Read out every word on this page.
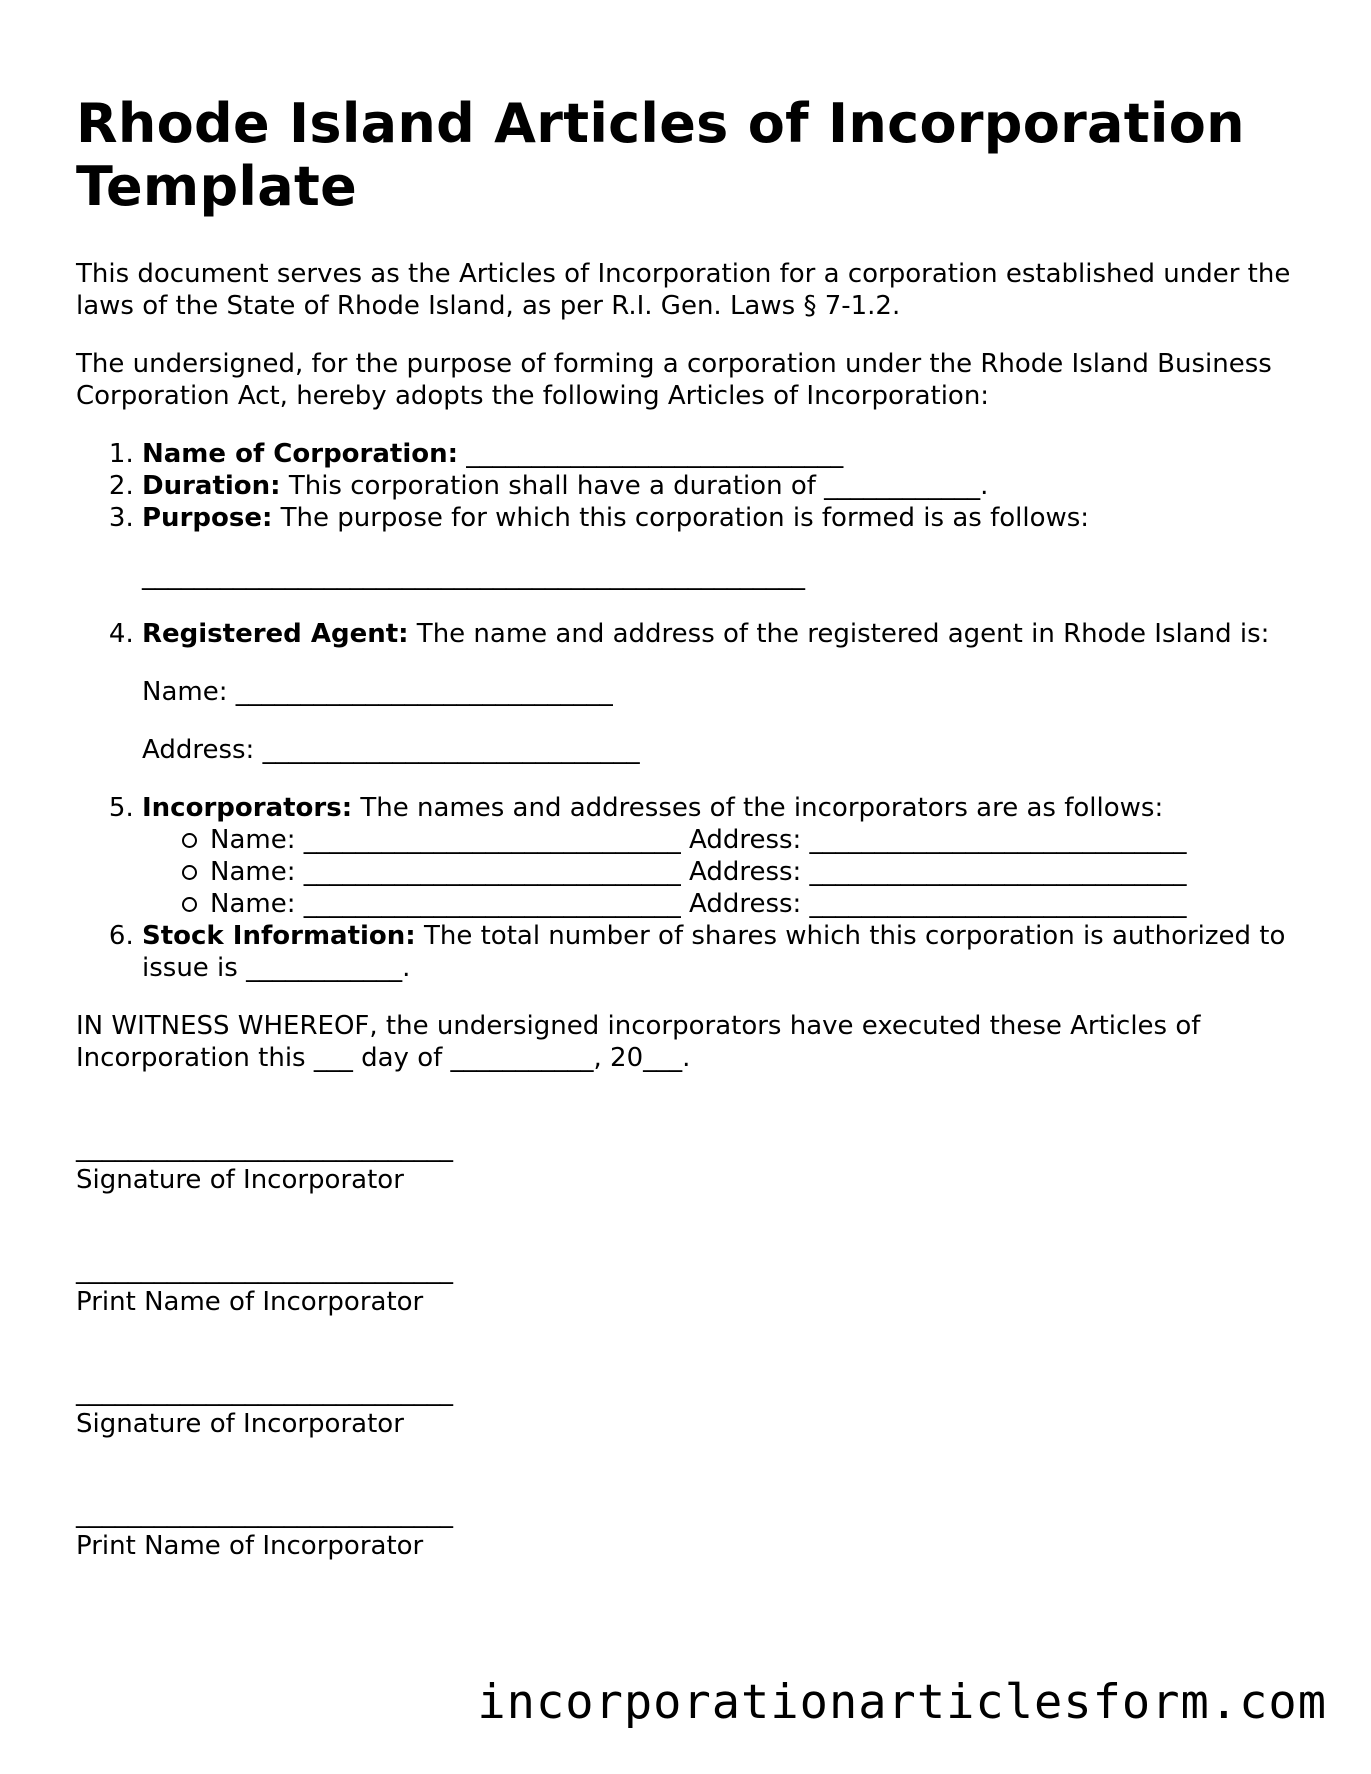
Rhode Island Articles of Incorporation Template

This document serves as the Articles of Incorporation for a corporation established under the laws of the State of Rhode Island, as per R.I. Gen. Laws § 7-1.2.

The undersigned, for the purpose of forming a corporation under the Rhode Island Business Corporation Act, hereby adopts the following Articles of Incorporation:

1. Name of Corporation: _____________________________
2. Duration: This corporation shall have a duration of ____________.
3. Purpose: The purpose for which this corporation is formed is as follows:
___________________________________________________
4. Registered Agent: The name and address of the registered agent in Rhode Island is:
Name: _____________________________
Address: _____________________________
5. Incorporators: The names and addresses of the incorporators are as follows:
Name: _____________________________ Address: _____________________________
Name: _____________________________ Address: _____________________________
Name: _____________________________ Address: _____________________________
6. Stock Information: The total number of shares which this corporation is authorized to issue is ____________.

IN WITNESS WHEREOF, the undersigned incorporators have executed these Articles of Incorporation this ___ day of ___________, 20___.

_____________________________
Signature of Incorporator
_____________________________
Print Name of Incorporator
_____________________________
Signature of Incorporator
_____________________________
Print Name of Incorporator
incorporationarticlesform.com
